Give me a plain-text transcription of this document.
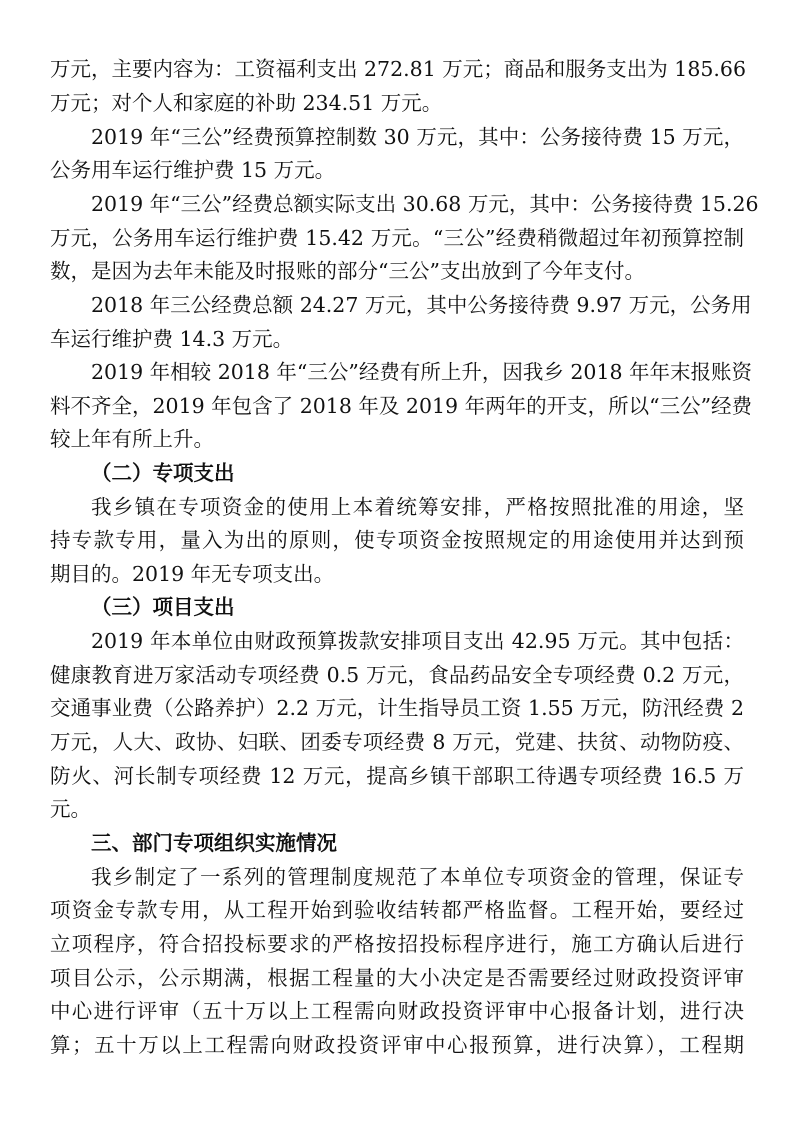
万元，主要内容为：工资福利支出 272.81 万元；商品和服务支出为 185.66
万元；对个人和家庭的补助 234.51 万元。
2019 年“三公”经费预算控制数 30 万元，其中：公务接待费 15 万元，
公务用车运行维护费 15 万元。
2019 年“三公”经费总额实际支出 30.68 万元，其中：公务接待费 15.26
万元，公务用车运行维护费 15.42 万元。“三公”经费稍微超过年初预算控制
数，是因为去年未能及时报账的部分“三公”支出放到了今年支付。
2018 年三公经费总额 24.27 万元，其中公务接待费 9.97 万元，公务用
车运行维护费 14.3 万元。
2019 年相较 2018 年“三公”经费有所上升，因我乡 2018 年年末报账资
料不齐全，2019 年包含了 2018 年及 2019 年两年的开支，所以“三公”经费
较上年有所上升。
（二）专项支出
我乡镇在专项资金的使用上本着统筹安排，严格按照批准的用途，坚
持专款专用，量入为出的原则，使专项资金按照规定的用途使用并达到预
期目的。2019 年无专项支出。
（三）项目支出
2019 年本单位由财政预算拨款安排项目支出 42.95 万元。其中包括：
健康教育进万家活动专项经费 0.5 万元，食品药品安全专项经费 0.2 万元，
交通事业费（公路养护）2.2 万元，计生指导员工资 1.55 万元，防汛经费 2
万元，人大、政协、妇联、团委专项经费 8 万元，党建、扶贫、动物防疫、
防火、河长制专项经费 12 万元，提高乡镇干部职工待遇专项经费 16.5 万
元。
三、部门专项组织实施情况
我乡制定了一系列的管理制度规范了本单位专项资金的管理，保证专
项资金专款专用，从工程开始到验收结转都严格监督。工程开始，要经过
立项程序，符合招投标要求的严格按招投标程序进行，施工方确认后进行
项目公示，公示期满，根据工程量的大小决定是否需要经过财政投资评审
中心进行评审（五十万以上工程需向财政投资评审中心报备计划，进行决
算；五十万以上工程需向财政投资评审中心报预算，进行决算），工程期
